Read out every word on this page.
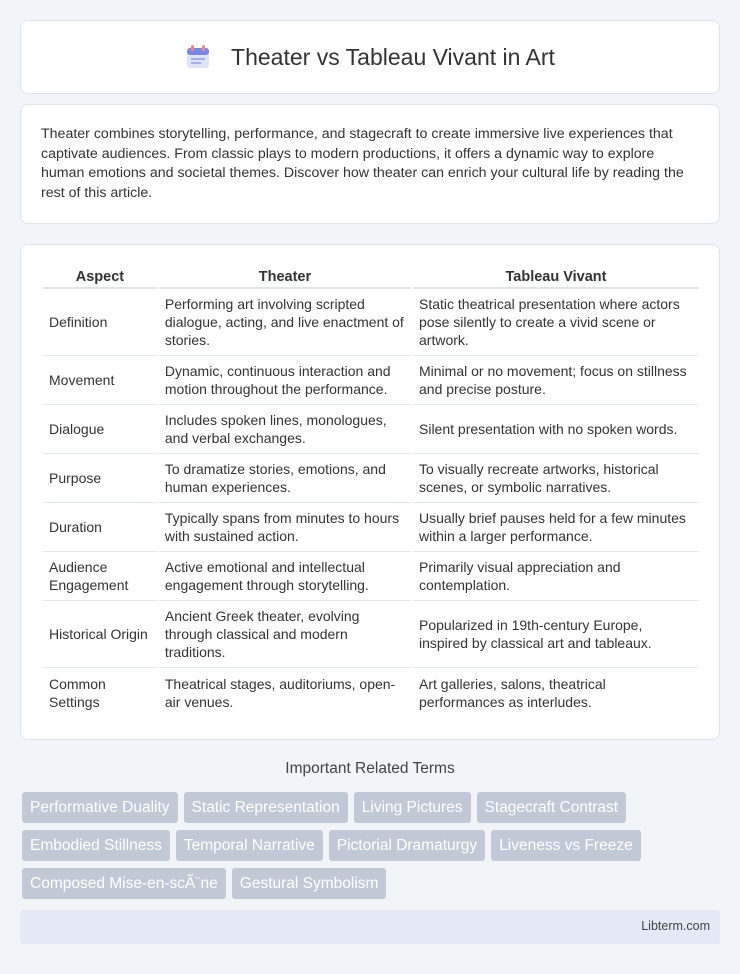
Theater vs Tableau Vivant in Art

Theater combines storytelling, performance, and stagecraft to create immersive live experiences that captivate audiences. From classic plays to modern productions, it offers a dynamic way to explore human emotions and societal themes. Discover how theater can enrich your cultural life by reading the rest of this article.

Aspect	Theater	Tableau Vivant
Definition	Performing art involving scripted dialogue, acting, and live enactment of stories.	Static theatrical presentation where actors pose silently to create a vivid scene or artwork.
Movement	Dynamic, continuous interaction and motion throughout the performance.	Minimal or no movement; focus on stillness and precise posture.
Dialogue	Includes spoken lines, monologues, and verbal exchanges.	Silent presentation with no spoken words.
Purpose	To dramatize stories, emotions, and human experiences.	To visually recreate artworks, historical scenes, or symbolic narratives.
Duration	Typically spans from minutes to hours with sustained action.	Usually brief pauses held for a few minutes within a larger performance.
Audience Engagement	Active emotional and intellectual engagement through storytelling.	Primarily visual appreciation and contemplation.
Historical Origin	Ancient Greek theater, evolving through classical and modern traditions.	Popularized in 19th-century Europe, inspired by classical art and tableaux.
Common Settings	Theatrical stages, auditoriums, open-air venues.	Art galleries, salons, theatrical performances as interludes.
Important Related Terms
Performative Duality	Static Representation	Living Pictures	Stagecraft Contrast
Embodied Stillness	Temporal Narrative	Pictorial Dramaturgy	Liveness vs Freeze
Composed Mise-en-scÃ¨ne	Gestural Symbolism
Libterm.com
